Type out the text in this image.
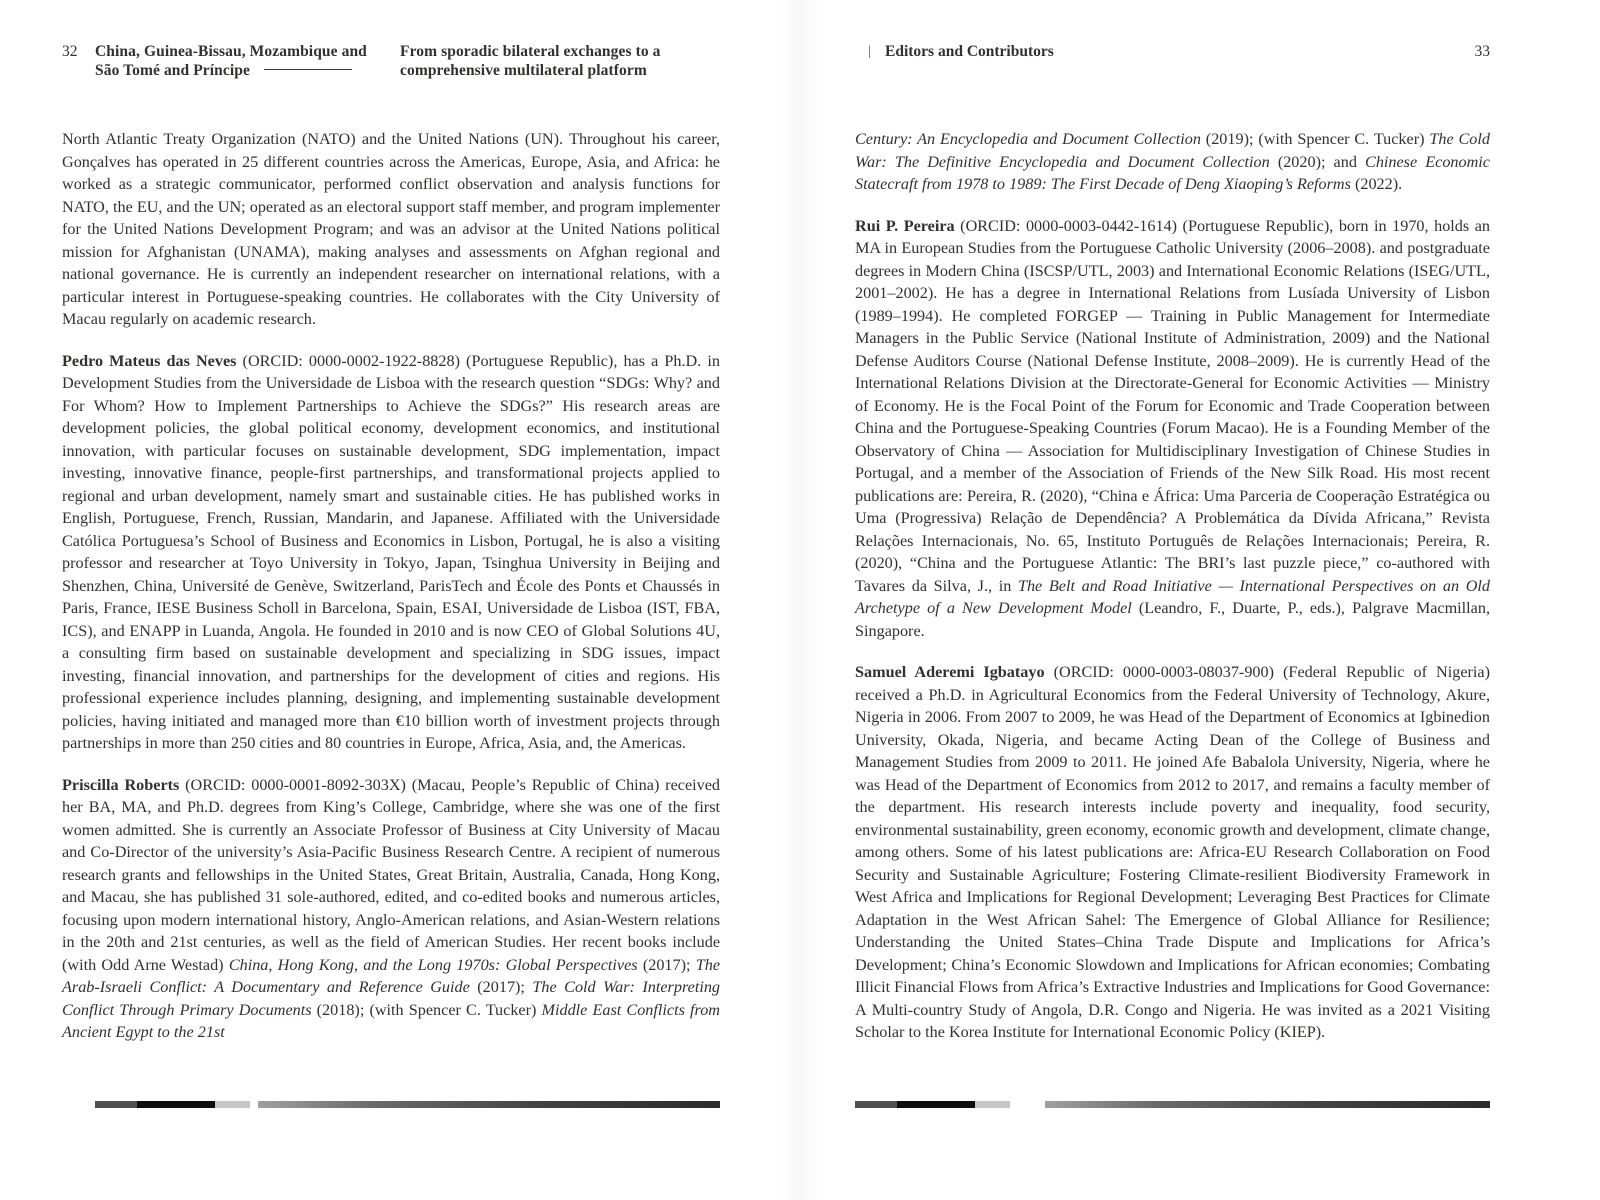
32 China, Guinea-Bissau, Mozambique and
São Tomé and Príncipe
From sporadic bilateral exchanges to a
comprehensive multilateral platform

North Atlantic Treaty Organization (NATO) and the United Nations (UN). Throughout his career, Gonçalves has operated in 25 different countries across the Americas, Europe, Asia, and Africa: he worked as a strategic communicator, performed conflict observation and analysis functions for NATO, the EU, and the UN; operated as an electoral support staff member, and program implementer for the United Nations Development Program; and was an advisor at the United Nations political mission for Afghanistan (UNAMA), making analyses and assessments on Afghan regional and national governance. He is currently an independent researcher on international relations, with a particular interest in Portuguese-speaking countries. He collaborates with the City University of Macau regularly on academic research.

Pedro Mateus das Neves (ORCID: 0000-0002-1922-8828) (Portuguese Republic), has a Ph.D. in Development Studies from the Universidade de Lisboa with the research question “SDGs: Why? and For Whom? How to Implement Partnerships to Achieve the SDGs?” His research areas are development policies, the global political economy, development economics, and institutional innovation, with particular focuses on sustainable development, SDG implementation, impact investing, innovative finance, people-first partnerships, and transformational projects applied to regional and urban development, namely smart and sustainable cities. He has published works in English, Portuguese, French, Russian, Mandarin, and Japanese. Affiliated with the Universidade Católica Portuguesa’s School of Business and Economics in Lisbon, Portugal, he is also a visiting professor and researcher at Toyo University in Tokyo, Japan, Tsinghua University in Beijing and Shenzhen, China, Université de Genève, Switzerland, ParisTech and École des Ponts et Chaussés in Paris, France, IESE Business Scholl in Barcelona, Spain, ESAI, Universidade de Lisboa (IST, FBA, ICS), and ENAPP in Luanda, Angola. He founded in 2010 and is now CEO of Global Solutions 4U, a consulting firm based on sustainable development and specializing in SDG issues, impact investing, financial innovation, and partnerships for the development of cities and regions. His professional experience includes planning, designing, and implementing sustainable development policies, having initiated and managed more than €10 billion worth of investment projects through partnerships in more than 250 cities and 80 countries in Europe, Africa, Asia, and, the Americas.

Priscilla Roberts (ORCID: 0000-0001-8092-303X) (Macau, People’s Republic of China) received her BA, MA, and Ph.D. degrees from King’s College, Cambridge, where she was one of the first women admitted. She is currently an Associate Professor of Business at City University of Macau and Co-Director of the university’s Asia-Pacific Business Research Centre. A recipient of numerous research grants and fellowships in the United States, Great Britain, Australia, Canada, Hong Kong, and Macau, she has published 31 sole-authored, edited, and co-edited books and numerous articles, focusing upon modern international history, Anglo-American relations, and Asian-Western relations in the 20th and 21st centuries, as well as the field of American Studies. Her recent books include (with Odd Arne Westad) China, Hong Kong, and the Long 1970s: Global Perspectives (2017); The Arab-Israeli Conflict: A Documentary and Reference Guide (2017); The Cold War: Interpreting Conflict Through Primary Documents (2018); (with Spencer C. Tucker) Middle East Conflicts from Ancient Egypt to the 21st

| Editors and Contributors	33

Century: An Encyclopedia and Document Collection (2019); (with Spencer C. Tucker) The Cold War: The Definitive Encyclopedia and Document Collection (2020); and Chinese Economic Statecraft from 1978 to 1989: The First Decade of Deng Xiaoping’s Reforms (2022).

Rui P. Pereira (ORCID: 0000-0003-0442-1614) (Portuguese Republic), born in 1970, holds an MA in European Studies from the Portuguese Catholic University (2006–2008). and postgraduate degrees in Modern China (ISCSP/UTL, 2003) and International Economic Relations (ISEG/UTL, 2001–2002). He has a degree in International Relations from Lusíada University of Lisbon (1989–1994). He completed FORGEP — Training in Public Management for Intermediate Managers in the Public Service (National Institute of Administration, 2009) and the National Defense Auditors Course (National Defense Institute, 2008–2009). He is currently Head of the International Relations Division at the Directorate-General for Economic Activities — Ministry of Economy. He is the Focal Point of the Forum for Economic and Trade Cooperation between China and the Portuguese-Speaking Countries (Forum Macao). He is a Founding Member of the Observatory of China — Association for Multidisciplinary Investigation of Chinese Studies in Portugal, and a member of the Association of Friends of the New Silk Road. His most recent publications are: Pereira, R. (2020), “China e África: Uma Parceria de Cooperação Estratégica ou Uma (Progressiva) Relação de Dependência? A Problemática da Dívida Africana,” Revista Relações Internacionais, No. 65, Instituto Português de Relações Internacionais; Pereira, R. (2020), “China and the Portuguese Atlantic: The BRI’s last puzzle piece,” co-authored with Tavares da Silva, J., in The Belt and Road Initiative — International Perspectives on an Old Archetype of a New Development Model (Leandro, F., Duarte, P., eds.), Palgrave Macmillan, Singapore.

Samuel Aderemi Igbatayo (ORCID: 0000-0003-08037-900) (Federal Republic of Nigeria) received a Ph.D. in Agricultural Economics from the Federal University of Technology, Akure, Nigeria in 2006. From 2007 to 2009, he was Head of the Department of Economics at Igbinedion University, Okada, Nigeria, and became Acting Dean of the College of Business and Management Studies from 2009 to 2011. He joined Afe Babalola University, Nigeria, where he was Head of the Department of Economics from 2012 to 2017, and remains a faculty member of the department. His research interests include poverty and inequality, food security, environmental sustainability, green economy, economic growth and development, climate change, among others. Some of his latest publications are: Africa-EU Research Collaboration on Food Security and Sustainable Agriculture; Fostering Climate-resilient Biodiversity Framework in West Africa and Implications for Regional Development; Leveraging Best Practices for Climate Adaptation in the West African Sahel: The Emergence of Global Alliance for Resilience; Understanding the United States–China Trade Dispute and Implications for Africa’s Development; China’s Economic Slowdown and Implications for African economies; Combating Illicit Financial Flows from Africa’s Extractive Industries and Implications for Good Governance: A Multi-country Study of Angola, D.R. Congo and Nigeria. He was invited as a 2021 Visiting Scholar to the Korea Institute for International Economic Policy (KIEP).
